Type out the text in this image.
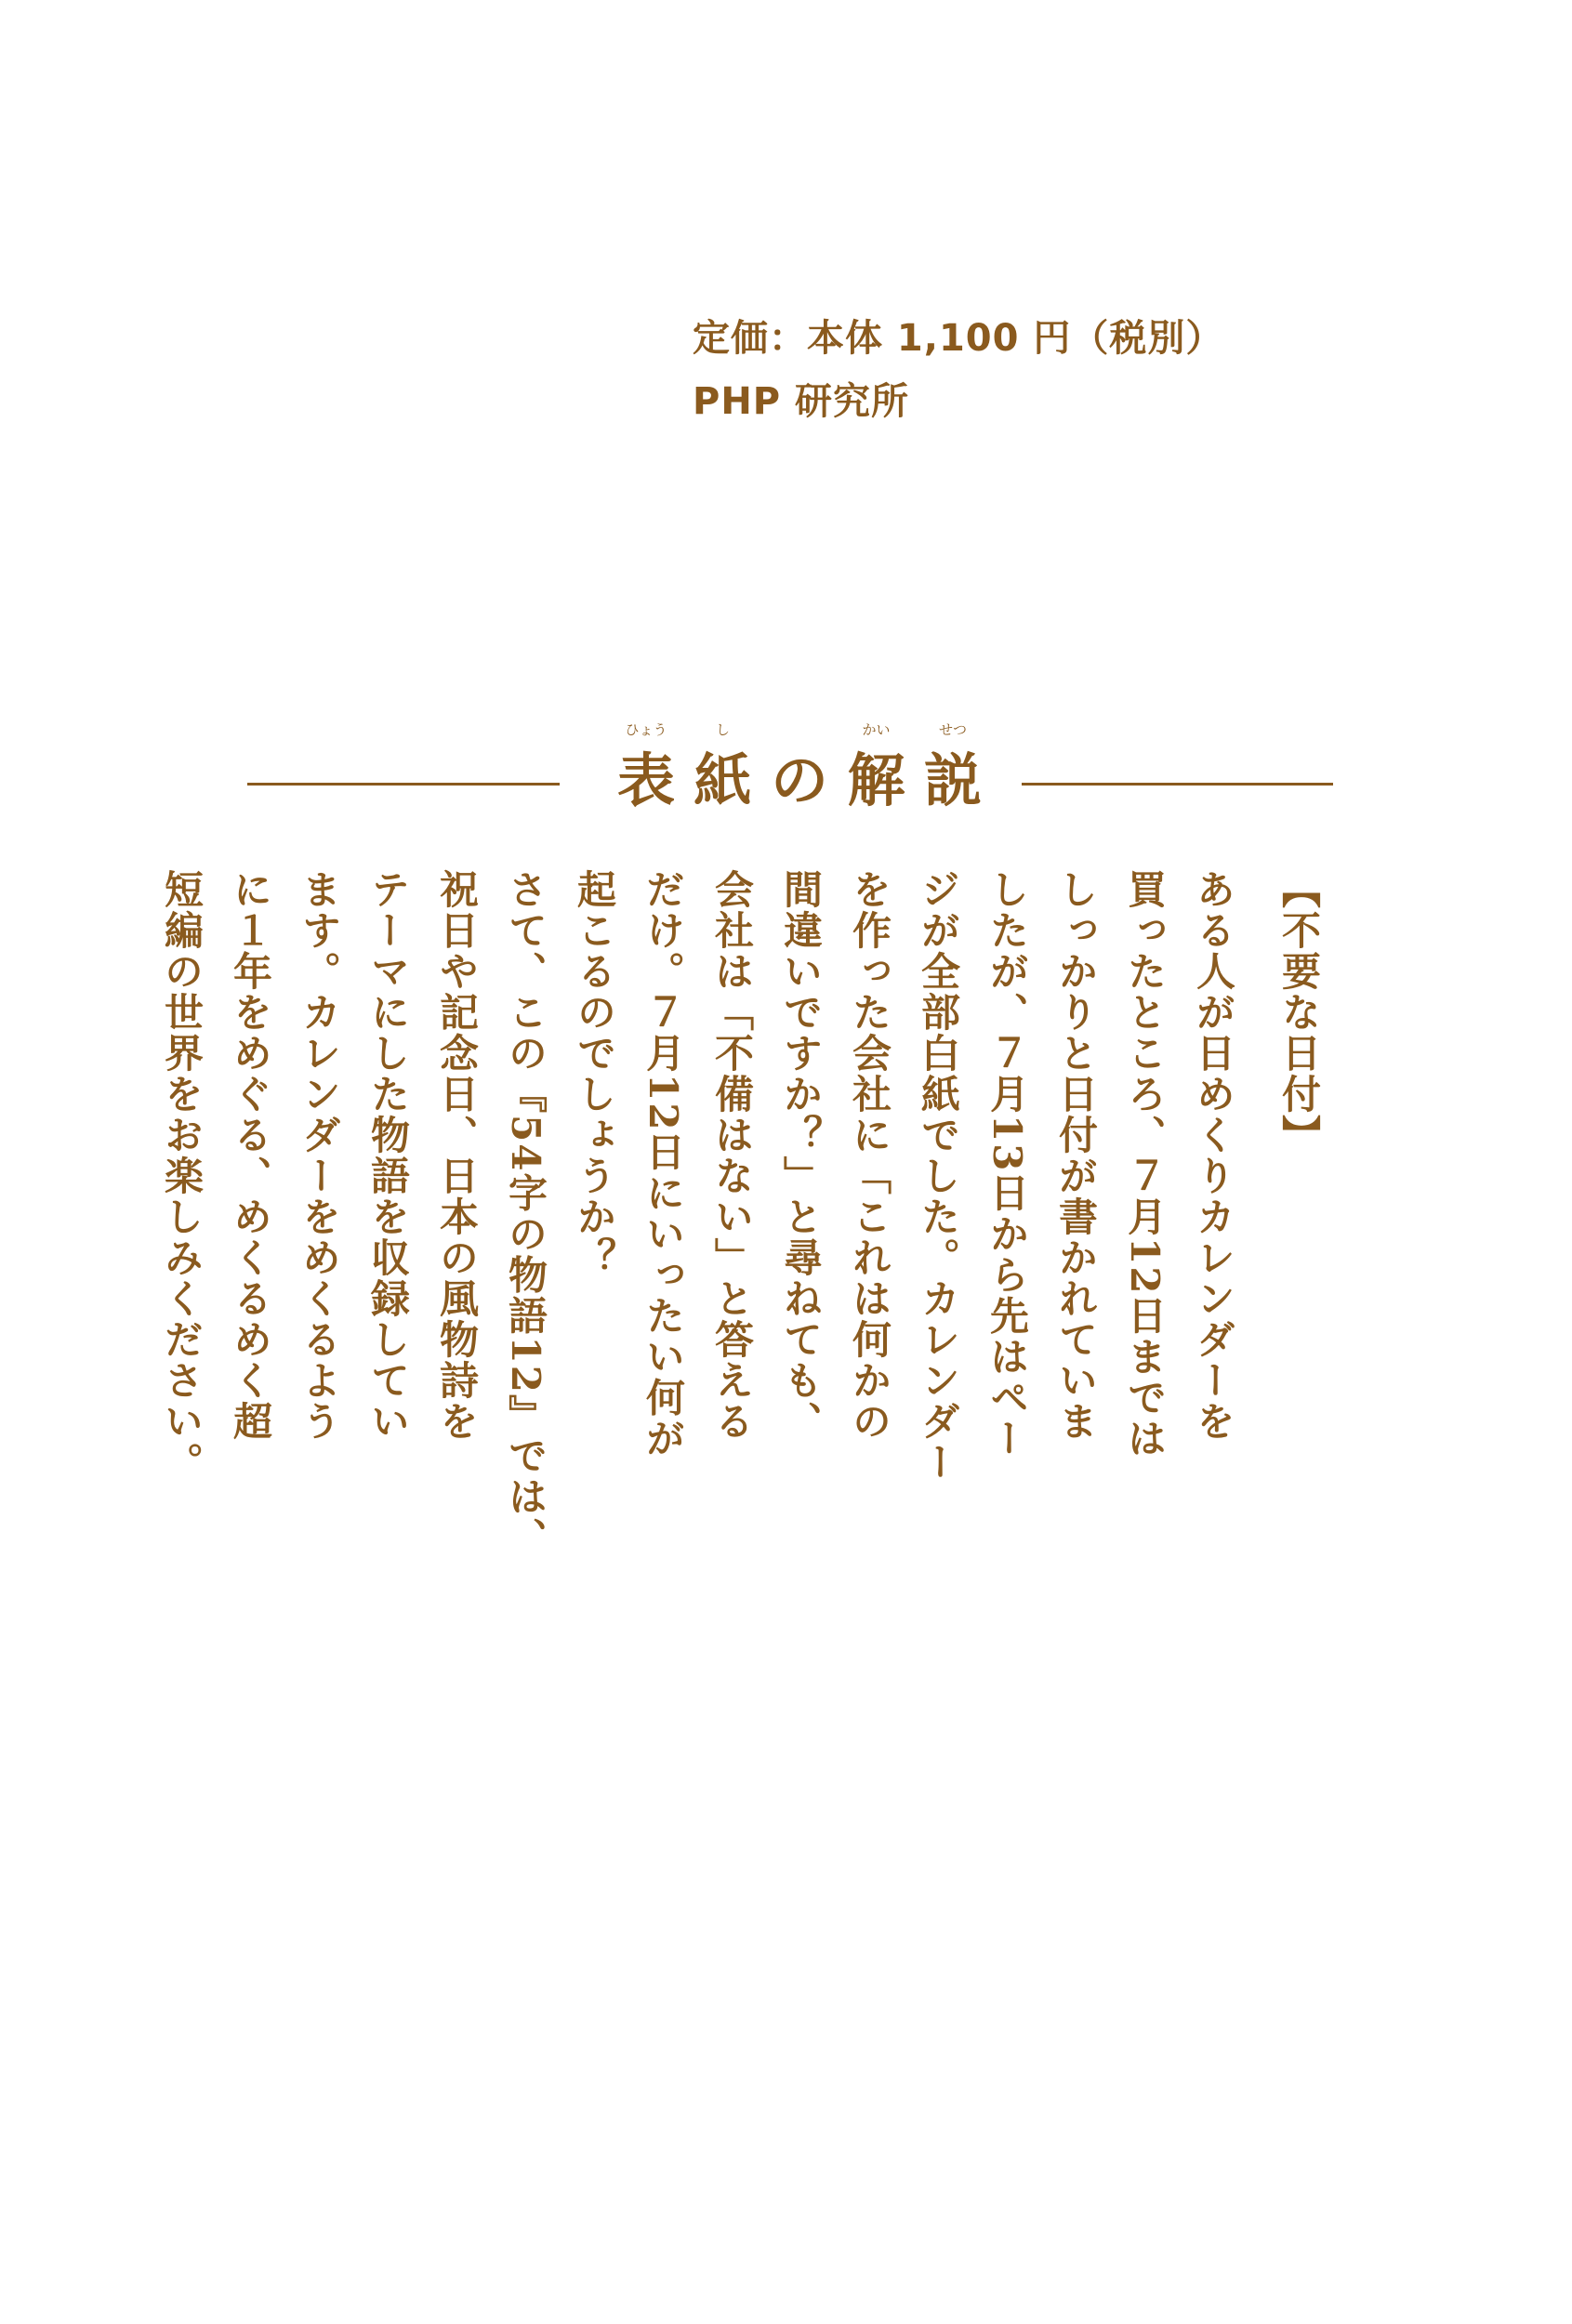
定価：本体 1,100 円（税別）
PHP 研究所
ひょう
表
し
紙 の
かい
解
せつ
説
【不要な日付】
ある人が日めくりカレンダーを
買ったところ、７月12日までは
しっかりと日付が書かれていま
したが、７月13日から先はペー
ジが全部白紙でした。カレンダー
を作った会社に「これは何かの
間違いですか？」と尋ねても、
会社は「不備はない」と答える
だけ。７月12日にいったい何が
起こるのでしょうか？
さて、この『54字の物語12』では、
祝日や記念日、日本の風物詩を
テーマにした物語を収録してい
ます。カレンダーをめくるよう
に１年をめぐる、めくるめく超
短編の世界をお楽しみください。
